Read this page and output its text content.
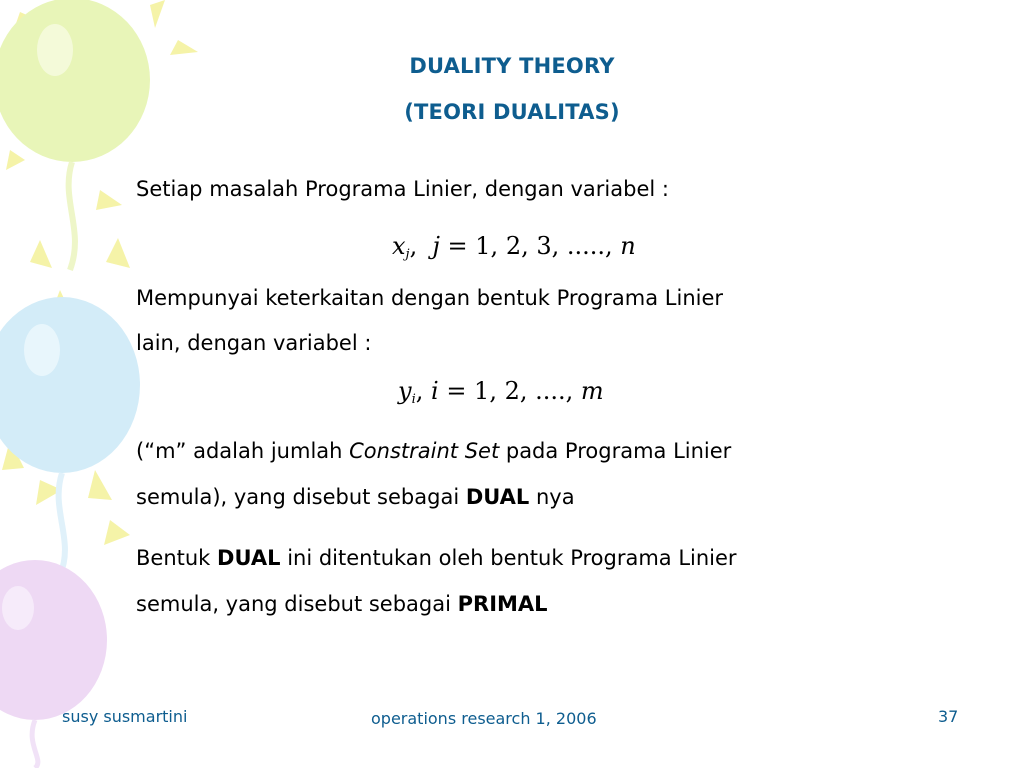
DUALITY THEORY
(TEORI DUALITAS)
Setiap masalah Programa Linier, dengan variabel :
$x_j$,  j = 1, 2, 3, ....., n
Mempunyai keterkaitan dengan bentuk Programa Linier
lain, dengan variabel :
$y_i$, i = 1, 2, ...., m
(“m” adalah jumlah Constraint Set pada Programa Linier
semula), yang disebut sebagai DUAL nya
Bentuk DUAL ini ditentukan oleh bentuk Programa Linier
semula, yang disebut sebagai PRIMAL
susy susmartini	operations research 1, 2006	37
